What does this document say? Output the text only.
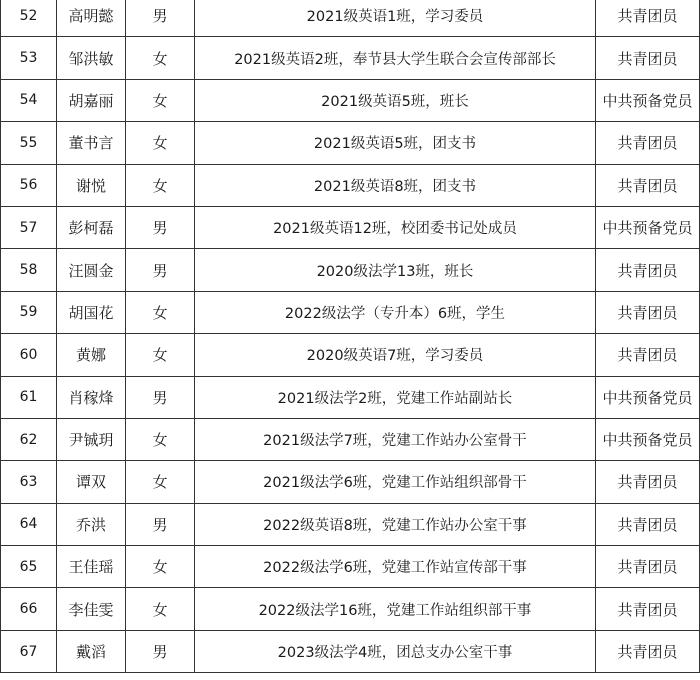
52	高明懿	男	2021级英语1班，学习委员	共青团员
53	邹洪敏	女	2021级英语2班，奉节县大学生联合会宣传部部长	共青团员
54	胡嘉丽	女	2021级英语5班，班长	中共预备党员
55	董书言	女	2021级英语5班，团支书	共青团员
56	谢悦	女	2021级英语8班，团支书	共青团员
57	彭柯磊	男	2021级英语12班，校团委书记处成员	中共预备党员
58	汪圆金	男	2020级法学13班，班长	共青团员
59	胡国花	女	2022级法学（专升本）6班，学生	共青团员
60	黄娜	女	2020级英语7班，学习委员	共青团员
61	肖稼烽	男	2021级法学2班，党建工作站副站长	中共预备党员
62	尹铖玥	女	2021级法学7班，党建工作站办公室骨干	中共预备党员
63	谭双	女	2021级法学6班，党建工作站组织部骨干	共青团员
64	乔洪	男	2022级英语8班，党建工作站办公室干事	共青团员
65	王佳瑶	女	2022级法学6班，党建工作站宣传部干事	共青团员
66	李佳雯	女	2022级法学16班，党建工作站组织部干事	共青团员
67	戴滔	男	2023级法学4班，团总支办公室干事	共青团员
